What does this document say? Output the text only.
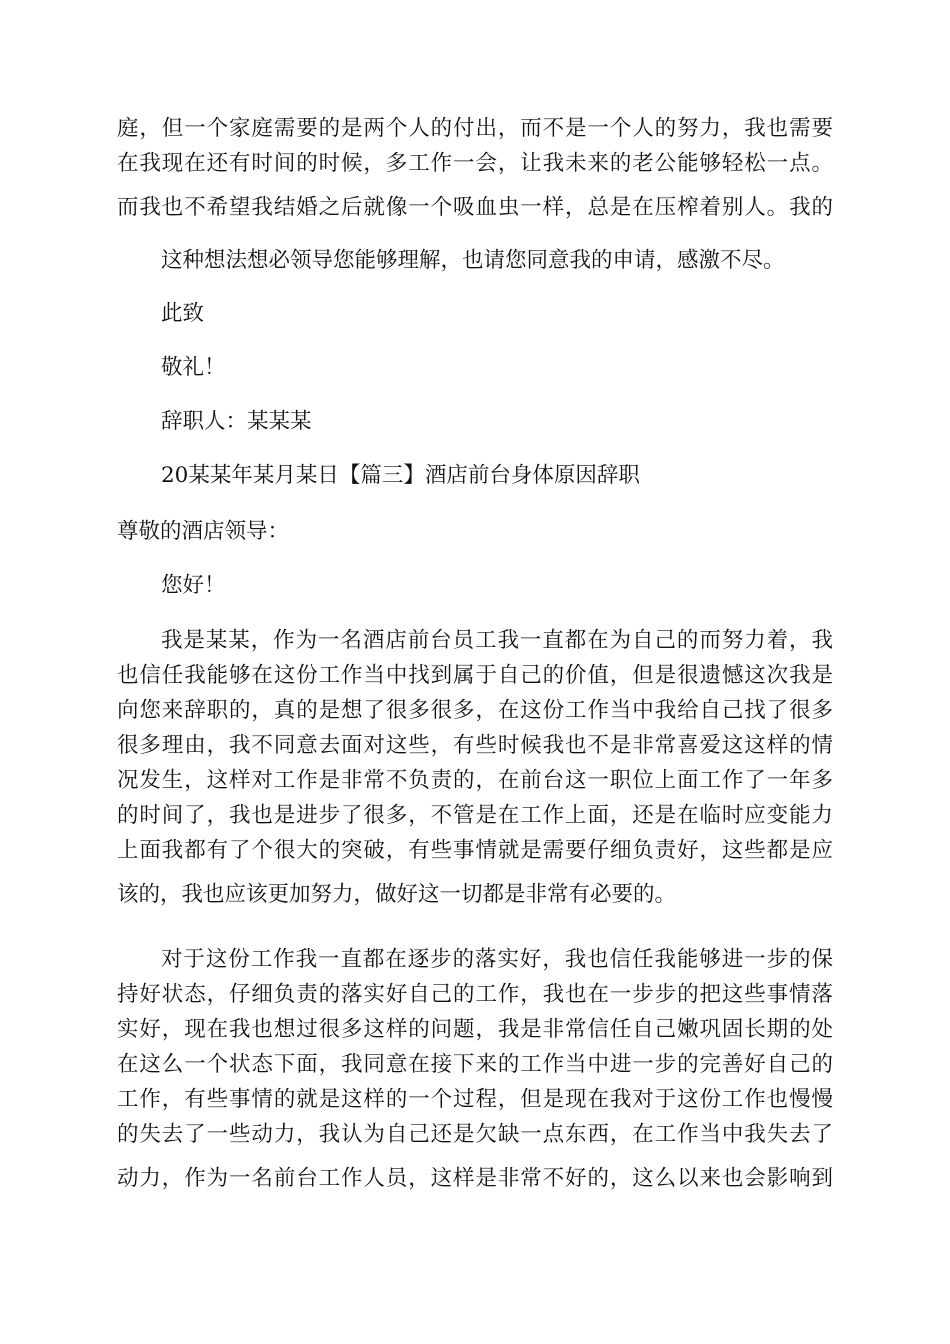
庭，但一个家庭需要的是两个人的付出，而不是一个人的努力，我也需要
在我现在还有时间的时候，多工作一会，让我未来的老公能够轻松一点。
而我也不希望我结婚之后就像一个吸血虫一样，总是在压榨着别人。我的
这种想法想必领导您能够理解，也请您同意我的申请，感激不尽。
此致
敬礼！
辞职人：某某某
20某某年某月某日【篇三】酒店前台身体原因辞职
尊敬的酒店领导：
您好！
我是某某，作为一名酒店前台员工我一直都在为自己的而努力着，我
也信任我能够在这份工作当中找到属于自己的价值，但是很遗憾这次我是
向您来辞职的，真的是想了很多很多，在这份工作当中我给自己找了很多
很多理由，我不同意去面对这些，有些时候我也不是非常喜爱这这样的情
况发生，这样对工作是非常不负责的，在前台这一职位上面工作了一年多
的时间了，我也是进步了很多，不管是在工作上面，还是在临时应变能力
上面我都有了个很大的突破，有些事情就是需要仔细负责好，这些都是应
该的，我也应该更加努力，做好这一切都是非常有必要的。
对于这份工作我一直都在逐步的落实好，我也信任我能够进一步的保
持好状态，仔细负责的落实好自己的工作，我也在一步步的把这些事情落
实好，现在我也想过很多这样的问题，我是非常信任自己嫩巩固长期的处
在这么一个状态下面，我同意在接下来的工作当中进一步的完善好自己的
工作，有些事情的就是这样的一个过程，但是现在我对于这份工作也慢慢
的失去了一些动力，我认为自己还是欠缺一点东西，在工作当中我失去了
动力，作为一名前台工作人员，这样是非常不好的，这么以来也会影响到
